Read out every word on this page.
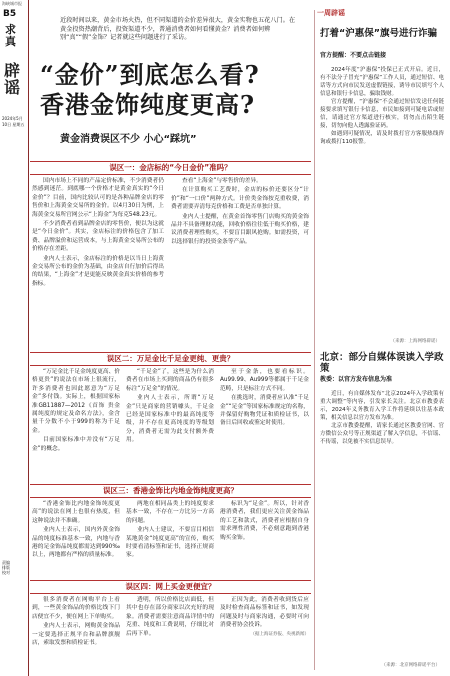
海峡城市报
B5
求真
辟谣
2024年5月10日 星期五
责编 排版 校对
近段时间以来，黄金市场火热，但不同渠道的金价差异很大，黄金实物也五花八门。在黄金投资热潮背后，投资渠道不少，普通消费者如何看懂黄金？消费者如何辨别“真”“假”金饰？记者就这些问题进行了采访。
“金价”到底怎么看?
香港金饰纯度更高?
黄金消费误区不少 小心“踩坑”
误区一：金店标的“今日金价”准吗？

国内市场上不同的产品定价标准，不少消费者仍然感到迷茫。到底哪一个价格才是黄金真实的“今日金价”？目前，国内比较认可的是各种品牌金店的零售价和上海黄金交易所的金价。以4月30日为例，上海黄金交易所官网公示“上海金”为每克548.23元。

不少消费者看到品牌金店的零售价，便以为这就是“今日金价”。其实，金店标注的价格包含了加工费、品牌溢价和运营成本，与上海黄金交易所公布的价格存在差距。

业内人士表示，金店标注的价格是以当日上海黄金交易所公布的金价为基础，由金店自行加价后得出的结果，“上海金”才是更能反映黄金真实价格的参考指标。

查看“上海金”与零售价的差异。

在计算购买工艺费时，金店的标价还要区分“计价”和“一口价”两种方式。计价类金饰按克重收费，消费者需要弄清每克价格和工费是否单独计算。

业内人士提醒，在黄金首饰零售门店购买的黄金饰品并不具备理财功能，回收价格往往低于购买价格，建议消费者理性购买，不要盲目跟风抢购。如需投资，可以选择银行的投资金条等产品。

误区二：万足金比千足金更纯、更贵？

“万足金比千足金纯度更高、价格更贵”的说法在市场上很流行，许多消费者也因此愿意为“万足金”多付钱。实际上，根据国家标准GB11887—2012《首饰 贵金属纯度的规定及命名方法》，金含量千分数不小于999的称为千足金。

目前国家标准中并没有“万足金”的概念。

“千足金”了，这些是为什么消费者在市场上买到的商品仍有很多标注“万足金”的情况。

业内人士表示，所谓“万足金”只是商家的营销噱头，千足金已经是国家标准中的最高纯度等级，并不存在更高纯度的等级划分，消费者无需为此支付额外费用。

至于金条，也要看标识。Au99.99、Au999等都属于千足金范畴，只是标注方式不同。

在挑选时，消费者应认准“千足金”“足金”等国家标准规定的名称，并保留好购物凭证和质检证书，以备日后回收或鉴定时使用。

误区三：香港金饰比内地金饰纯度更高？

“香港金饰比内地金饰纯度更高”的说法在网上也很有热度，但这种说法并不准确。

业内人士表示，国内外黄金饰品的纯度标准基本一致，内地与香港的足金饰品纯度都需达到990‰以上，两地都有严格的质量标准。

两地在相同品类上的纯度要求基本一致，不存在一方比另一方高的问题。

业内人士建议，不要盲目相信某地黄金“纯度更高”的宣传，购买时要看清标签和证书，选择正规商家。

标识为“足金”。所以，针对香港消费者，我们更应关注黄金饰品的工艺和款式，消费者应根据自身需求理性消费，不必刻意跑到香港购买金饰。

误区四：网上买金更便宜？

很多消费者在网购平台上看到，一些黄金饰品的价格比线下门店便宜不少，便在网上下单购买。

业内人士表示，网购黄金饰品一定要选择正规平台和品牌旗舰店，索取发票和质检证书。

透明，所以价格比店面低，但其中也存在部分商家以次充好的现象。消费者需要注意商品详情中的克重、纯度和工费说明，仔细比对后再下单。

正因为此，消费者收到货后应及时检查商品标签和证书，如发现问题及时与商家沟通，必要时可向消费者协会投诉。

（据上海证券报、央视新闻）

一周辟谣
打着“沪惠保”旗号进行诈骗
官方提醒：不要点击链接

2024年度“沪惠保”投保已正式开启。近日，有不法分子冒充“沪惠保”工作人员，通过短信、电话等方式向市民发送虚假链接，诱导市民填写个人信息和银行卡信息，骗取钱财。

官方提醒，“沪惠保”不会通过短信发送任何链接要求填写银行卡信息，市民如接到可疑电话或短信，请通过官方渠道进行核实，切勿点击陌生链接，切勿向他人透露验证码。

如遇到可疑情况，请及时拨打官方客服热线咨询或拨打110报警。

（来源：上海网络辟谣）
北京：部分自媒体误读入学政策
教委：以官方发布信息为准

近日，有自媒体发布“北京2024年入学政策有重大调整”等内容，引发家长关注。北京市教委表示，2024年义务教育入学工作将延续以往基本政策，相关信息以官方发布为准。

北京市教委提醒，请家长通过区教委官网、官方微信公众号等正规渠道了解入学信息，不信谣、不传谣，以免被不实信息误导。

（来源：北京网络辟谣平台）
